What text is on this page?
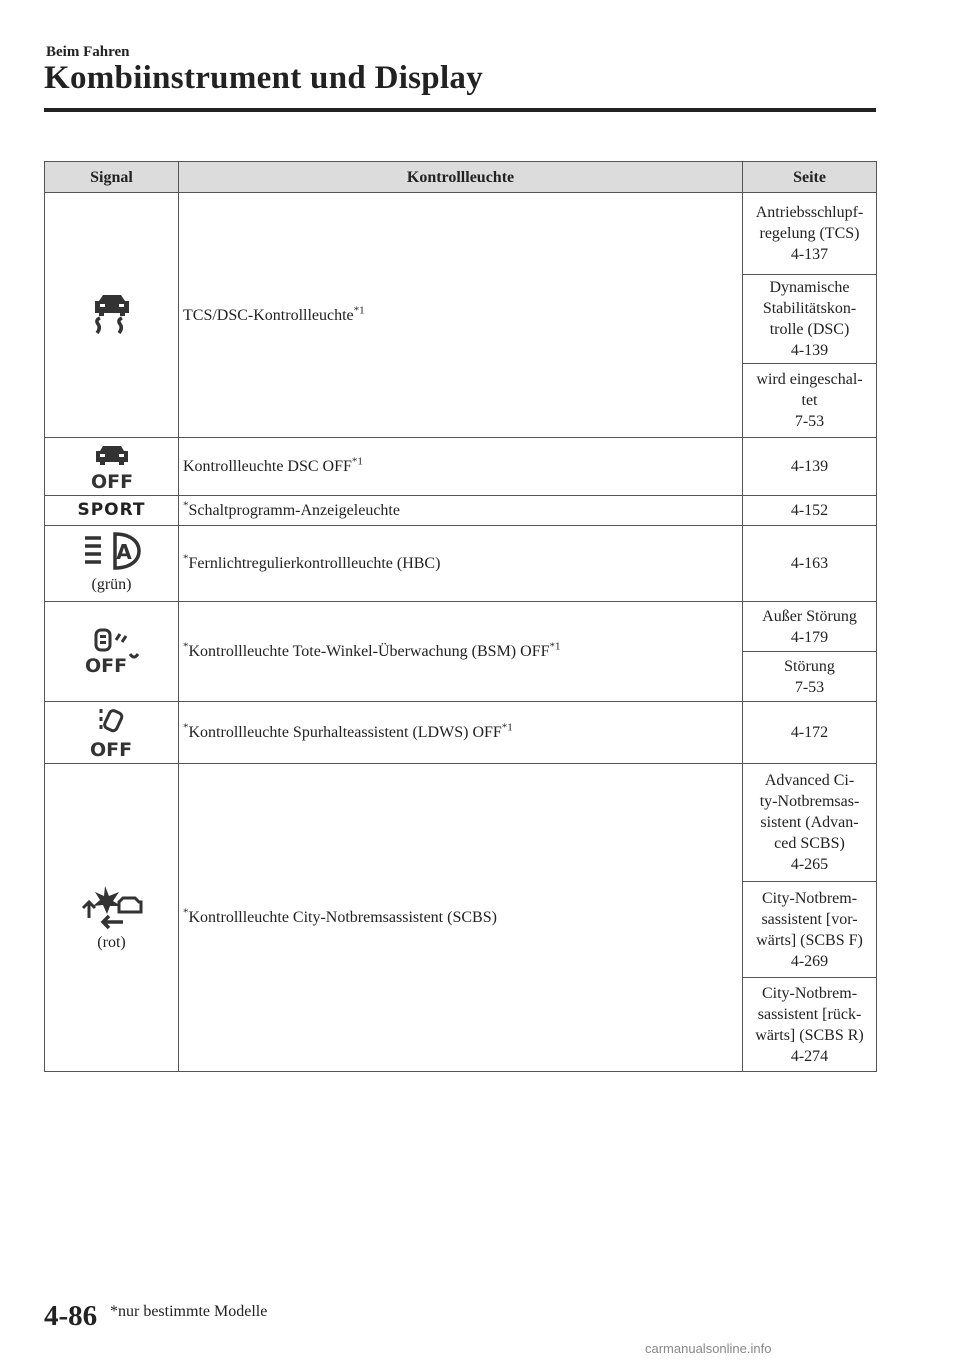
Beim Fahren
Kombiinstrument und Display
Signal	Kontrollleuchte	Seite
	TCS/DSC-Kontrollleuchte$^{*1}$	Antriebsschlupf-
regelung (TCS)
4-137

		Dynamische
Stabilitätskon-
trolle (DSC)
4-139

		wird eingeschal-
tet
7-53

OFF	Kontrollleuchte DSC OFF$^{*1}$	4-139
SPORT	*Schaltprogramm-Anzeigeleuchte	4-152

A
(grün)	*Fernlichtregulierkontrollleuchte (HBC)	4-163

OFF	*Kontrollleuchte Tote-Winkel-Überwachung (BSM) OFF$^{*1}$	Außer Störung
4-179

		Störung
7-53

OFF	*Kontrollleuchte Spurhalteassistent (LDWS) OFF$^{*1}$	4-172

(rot)	*Kontrollleuchte City-Notbremsassistent (SCBS)	Advanced Ci-
ty-Notbremsas-
sistent (Advan-
ced SCBS)
4-265

		City-Notbrem-
sassistent [vor-
wärts] (SCBS F)
4-269

		City-Notbrem-
sassistent [rück-
wärts] (SCBS R)
4-274
4-86 *nur bestimmte Modelle
carmanualsonline.info
